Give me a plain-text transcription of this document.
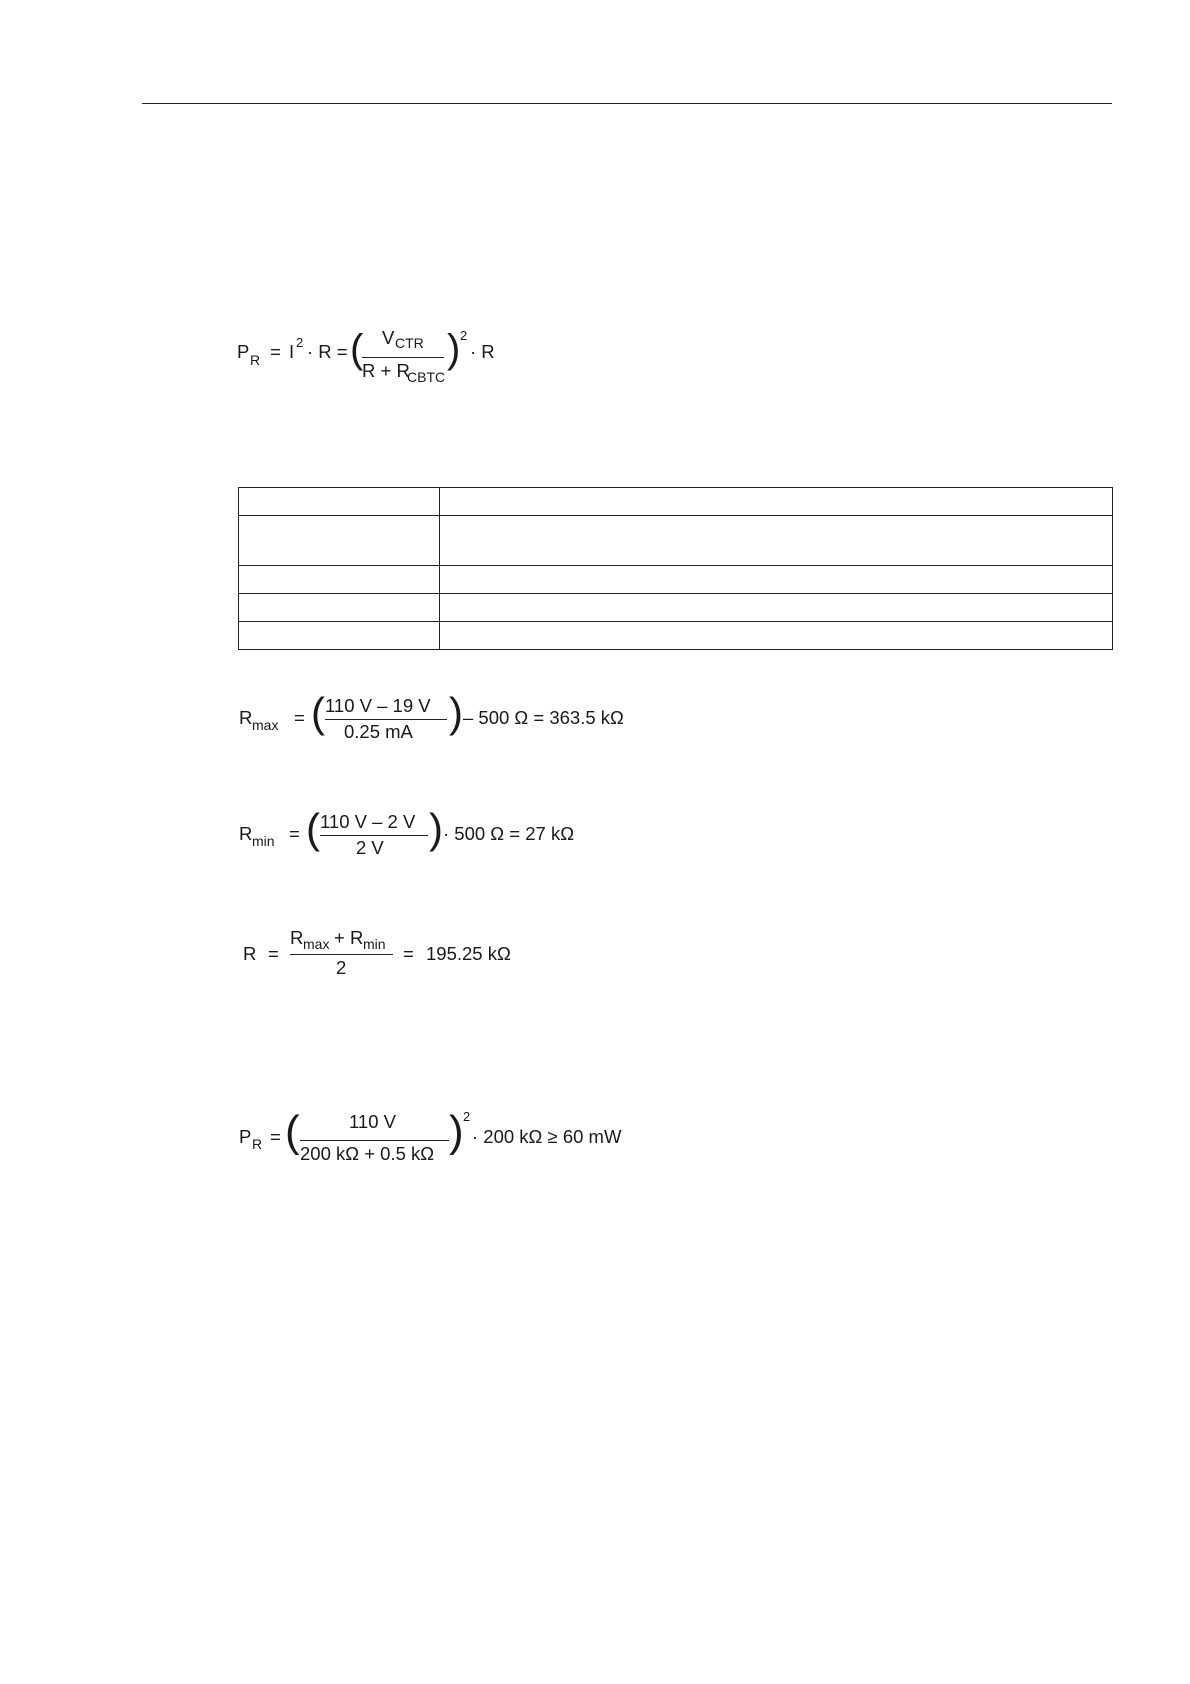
P R = I 2 · R = ( V CTR
R + R
CBTC
) 2
· R

R max = ( 110 V – 19 V
0.25 mA ) – 500 Ω = 363.5 kΩ
R min = ( 110 V – 2 V
2 V ) · 500 Ω = 27 kΩ
R =
R max + R min
2
= 195.25 kΩ
P R = (	110 V
200 kΩ + 0.5 kΩ ) 2
· 200 kΩ ≥ 60 mW
